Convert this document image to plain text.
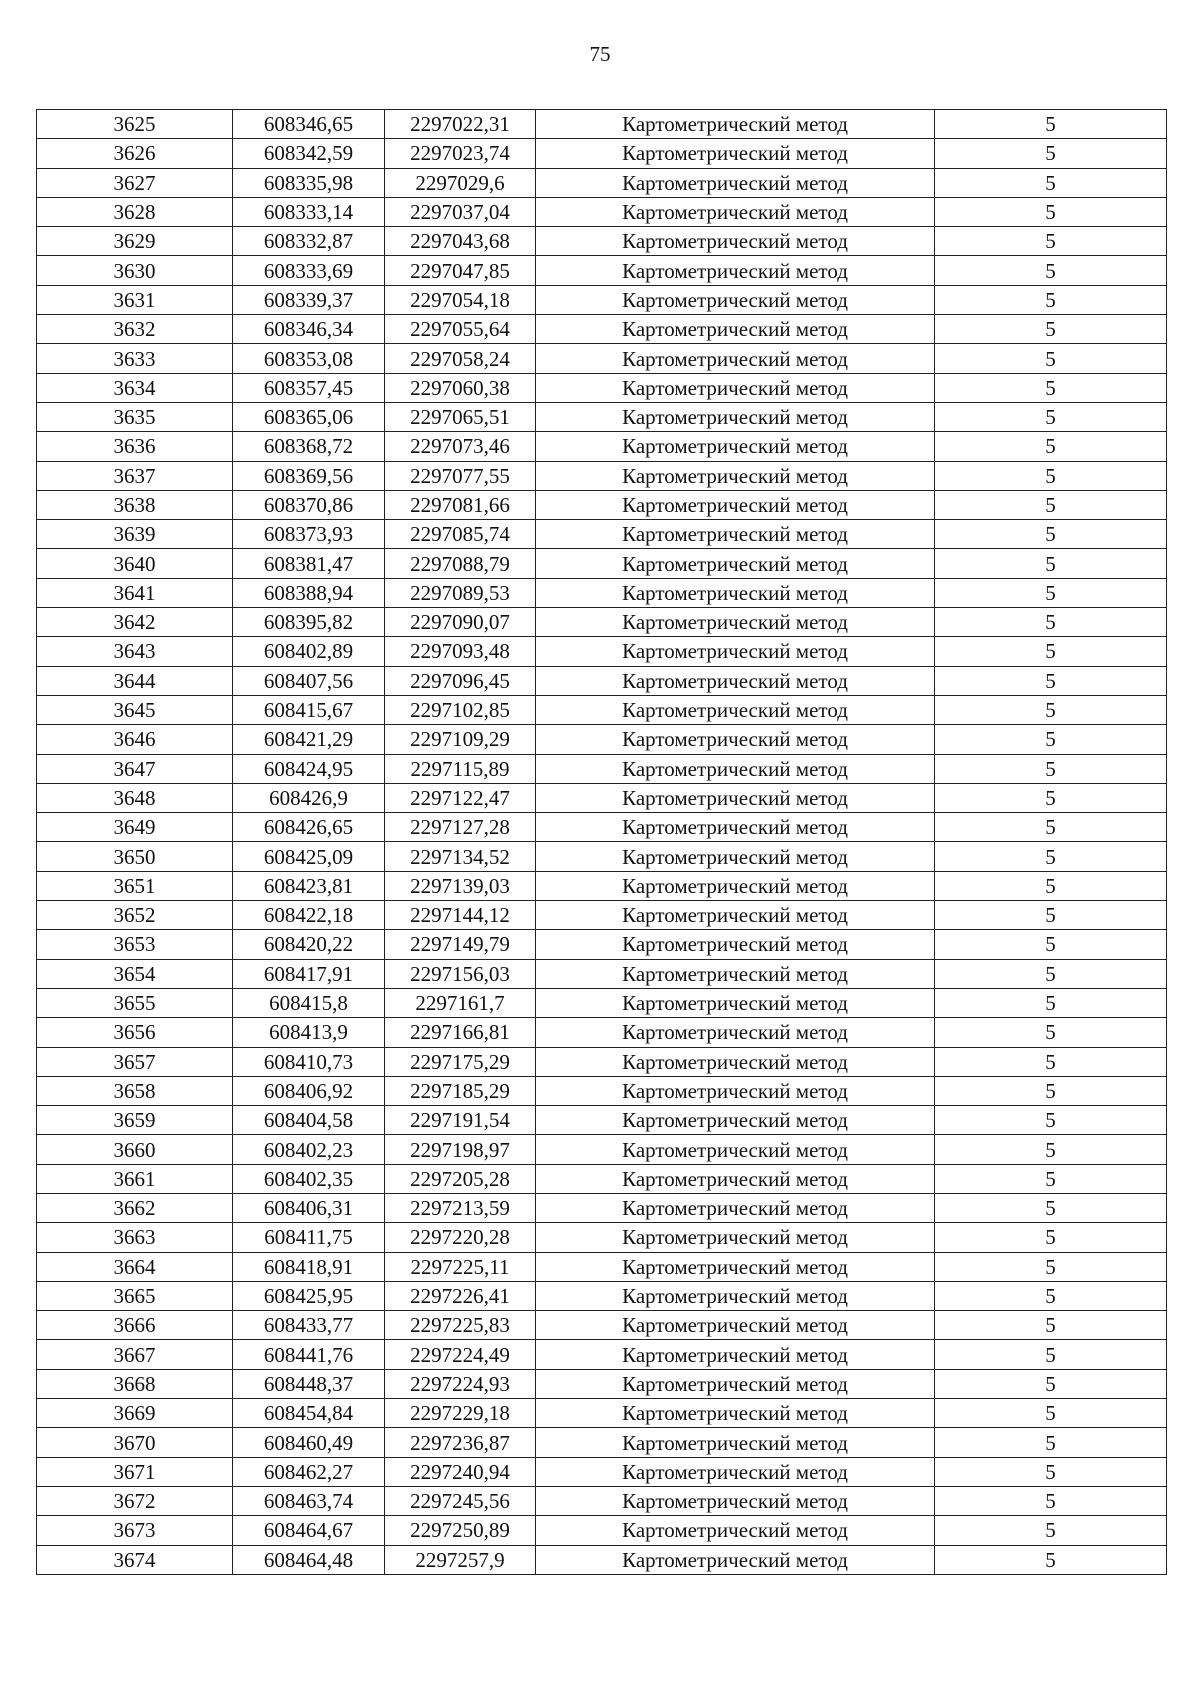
75
3625	608346,65	2297022,31	Картометрический метод	5
3626	608342,59	2297023,74	Картометрический метод	5
3627	608335,98	2297029,6	Картометрический метод	5
3628	608333,14	2297037,04	Картометрический метод	5
3629	608332,87	2297043,68	Картометрический метод	5
3630	608333,69	2297047,85	Картометрический метод	5
3631	608339,37	2297054,18	Картометрический метод	5
3632	608346,34	2297055,64	Картометрический метод	5
3633	608353,08	2297058,24	Картометрический метод	5
3634	608357,45	2297060,38	Картометрический метод	5
3635	608365,06	2297065,51	Картометрический метод	5
3636	608368,72	2297073,46	Картометрический метод	5
3637	608369,56	2297077,55	Картометрический метод	5
3638	608370,86	2297081,66	Картометрический метод	5
3639	608373,93	2297085,74	Картометрический метод	5
3640	608381,47	2297088,79	Картометрический метод	5
3641	608388,94	2297089,53	Картометрический метод	5
3642	608395,82	2297090,07	Картометрический метод	5
3643	608402,89	2297093,48	Картометрический метод	5
3644	608407,56	2297096,45	Картометрический метод	5
3645	608415,67	2297102,85	Картометрический метод	5
3646	608421,29	2297109,29	Картометрический метод	5
3647	608424,95	2297115,89	Картометрический метод	5
3648	608426,9	2297122,47	Картометрический метод	5
3649	608426,65	2297127,28	Картометрический метод	5
3650	608425,09	2297134,52	Картометрический метод	5
3651	608423,81	2297139,03	Картометрический метод	5
3652	608422,18	2297144,12	Картометрический метод	5
3653	608420,22	2297149,79	Картометрический метод	5
3654	608417,91	2297156,03	Картометрический метод	5
3655	608415,8	2297161,7	Картометрический метод	5
3656	608413,9	2297166,81	Картометрический метод	5
3657	608410,73	2297175,29	Картометрический метод	5
3658	608406,92	2297185,29	Картометрический метод	5
3659	608404,58	2297191,54	Картометрический метод	5
3660	608402,23	2297198,97	Картометрический метод	5
3661	608402,35	2297205,28	Картометрический метод	5
3662	608406,31	2297213,59	Картометрический метод	5
3663	608411,75	2297220,28	Картометрический метод	5
3664	608418,91	2297225,11	Картометрический метод	5
3665	608425,95	2297226,41	Картометрический метод	5
3666	608433,77	2297225,83	Картометрический метод	5
3667	608441,76	2297224,49	Картометрический метод	5
3668	608448,37	2297224,93	Картометрический метод	5
3669	608454,84	2297229,18	Картометрический метод	5
3670	608460,49	2297236,87	Картометрический метод	5
3671	608462,27	2297240,94	Картометрический метод	5
3672	608463,74	2297245,56	Картометрический метод	5
3673	608464,67	2297250,89	Картометрический метод	5
3674	608464,48	2297257,9	Картометрический метод	5
